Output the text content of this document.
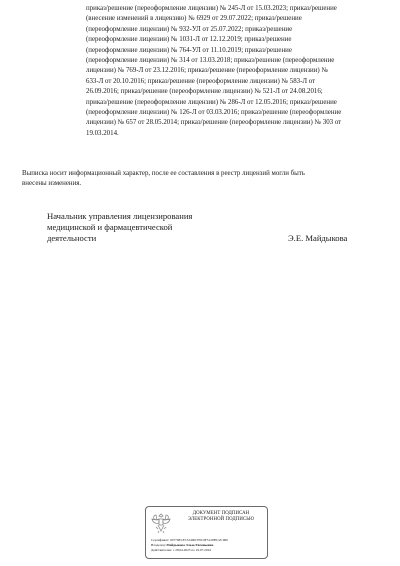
приказ/решение (переоформление лицензии) № 245-Л от 15.03.2023; приказ/решение
(внесение изменений в лицензию) № 6929 от 29.07.2022; приказ/решение
(переоформление лицензии) № 932-УЛ от 25.07.2022; приказ/решение
(переоформление лицензии) № 1031-Л от 12.12.2019; приказ/решение
(переоформление лицензии) № 764-УЛ от 11.10.2019; приказ/решение
(переоформление лицензии) № 314 от 13.03.2018; приказ/решение (переоформление
лицензии) № 769-Л от 23.12.2016; приказ/решение (переоформление лицензии) №
633-Л от 20.10.2016; приказ/решение (переоформление лицензии) № 583-Л от
26.09.2016; приказ/решение (переоформление лицензии) № 521-Л от 24.08.2016;
приказ/решение (переоформление лицензии) № 286-Л от 12.05.2016; приказ/решение
(переоформление лицензии) № 126-Л от 03.03.2016; приказ/решение (переоформление
лицензии) № 657 от 28.05.2014; приказ/решение (переоформление лицензии) № 303 от
19.03.2014.
Выписка носит информационный характер, после ее составления в реестр лицензий могли быть
внесены изменения.
Начальник управления лицензирования
медицинской и фармацевтической
деятельности	Э.Е. Майдыкова
ДОКУМЕНТ ПОДПИСАН
ЭЛЕКТРОННОЙ ПОДПИСЬЮ
Сертификат: 00776ECE152400CF6C9F3129F012C960
Владелец: Майдыкова Эльза Евгеньевна
Действителен: с 28.04.2023 по 19.07.2024
